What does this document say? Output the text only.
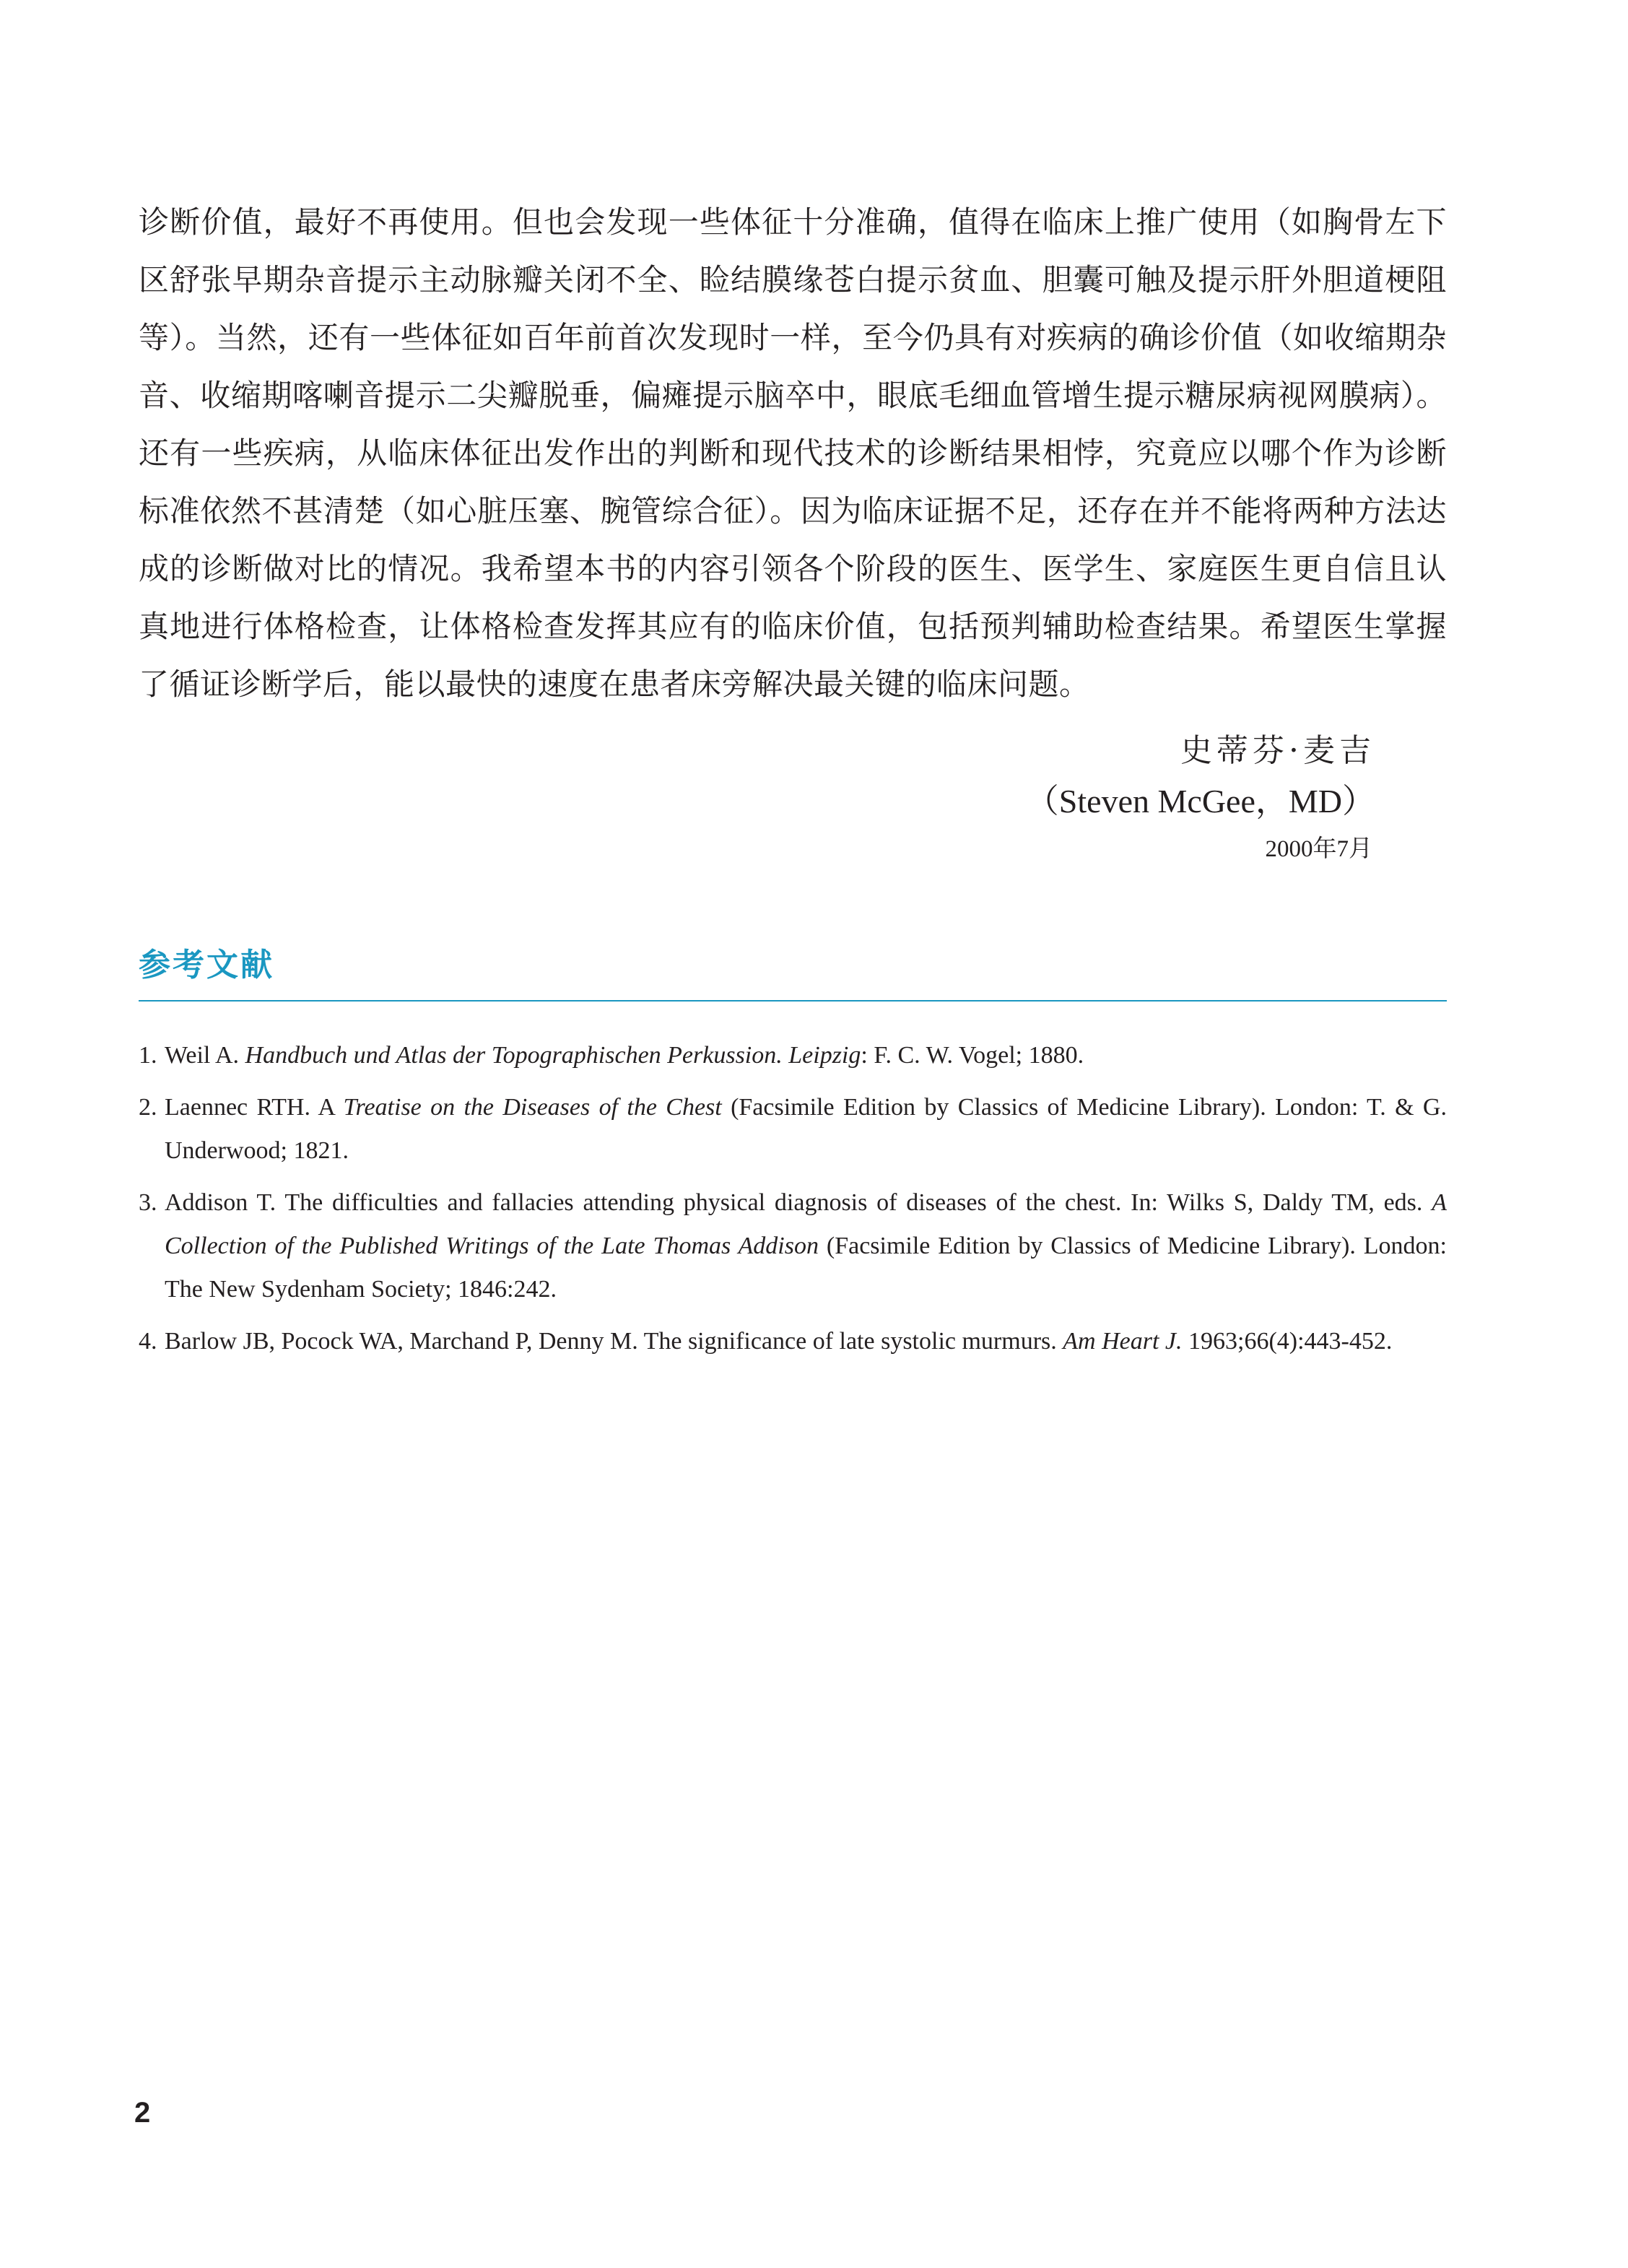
诊断价值，最好不再使用。但也会发现一些体征十分准确，值得在临床上推广使用（如胸骨左下区舒张早期杂音提示主动脉瓣关闭不全、睑结膜缘苍白提示贫血、胆囊可触及提示肝外胆道梗阻等）。当然，还有一些体征如百年前首次发现时一样，至今仍具有对疾病的确诊价值（如收缩期杂音、收缩期喀喇音提示二尖瓣脱垂，偏瘫提示脑卒中，眼底毛细血管增生提示糖尿病视网膜病）。还有一些疾病，从临床体征出发作出的判断和现代技术的诊断结果相悖，究竟应以哪个作为诊断标准依然不甚清楚（如心脏压塞、腕管综合征）。因为临床证据不足，还存在并不能将两种方法达成的诊断做对比的情况。我希望本书的内容引领各个阶段的医生、医学生、家庭医生更自信且认真地进行体格检查，让体格检查发挥其应有的临床价值，包括预判辅助检查结果。希望医生掌握了循证诊断学后，能以最快的速度在患者床旁解决最关键的临床问题。

史蒂芬·麦吉
（Steven McGee，MD）
2000年7月
参考文献
1. Weil A. Handbuch und Atlas der Topographischen Perkussion. Leipzig: F. C. W. Vogel; 1880.
2. Laennec RTH. A Treatise on the Diseases of the Chest (Facsimile Edition by Classics of Medicine Library). London: T. & G. Underwood; 1821.
3. Addison T. The difficulties and fallacies attending physical diagnosis of diseases of the chest. In: Wilks S, Daldy TM, eds. A Collection of the Published Writings of the Late Thomas Addison (Facsimile Edition by Classics of Medicine Library). London: The New Sydenham Society; 1846:242.
4. Barlow JB, Pocock WA, Marchand P, Denny M. The significance of late systolic murmurs. Am Heart J. 1963;66(4):443-452.
2
